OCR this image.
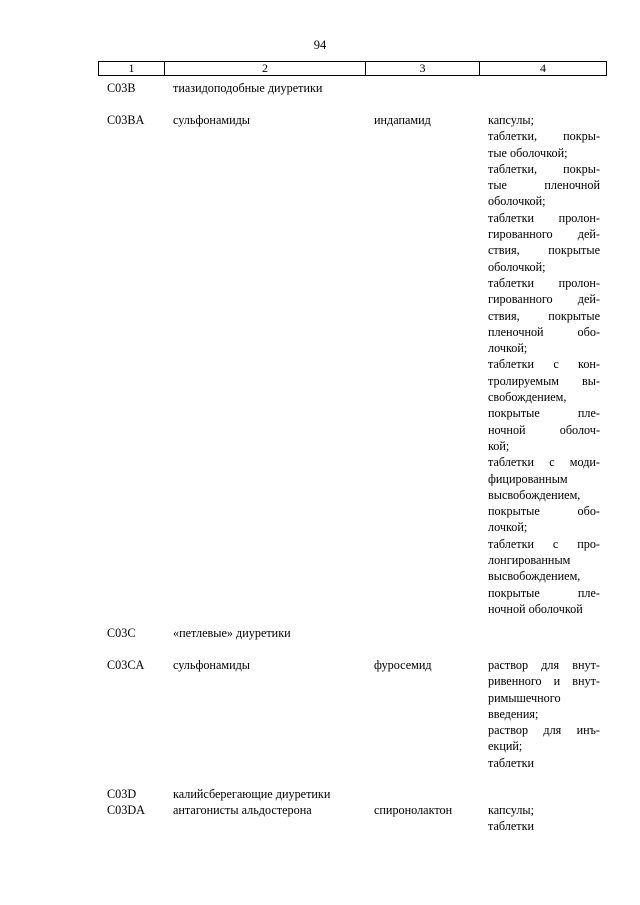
94
1	2	3	4
C03B	тиазидоподобные диуретики
C03BA	сульфонамиды	индапамид	капсулы;
таблетки, покры-
тые оболочкой;
таблетки, покры-
тые пленочной
оболочкой;
таблетки пролон-
гированного дей-
ствия, покрытые
оболочкой;
таблетки пролон-
гированного дей-
ствия, покрытые
пленочной обо-
лочкой;
таблетки с кон-
тролируемым вы-
свобождением,
покрытые пле-
ночной оболоч-
кой;
таблетки с моди-
фицированным
высвобождением,
покрытые обо-
лочкой;
таблетки с про-
лонгированным
высвобождением,
покрытые пле-
ночной оболочкой
C03C	«петлевые» диуретики
C03CA	сульфонамиды	фуросемид	раствор для внут-
ривенного и внут-
римышечного
введения;
раствор для инъ-
екций;
таблетки
C03D	калийсберегающие диуретики
C03DA	антагонисты альдостерона	спиронолактон	капсулы;
таблетки
